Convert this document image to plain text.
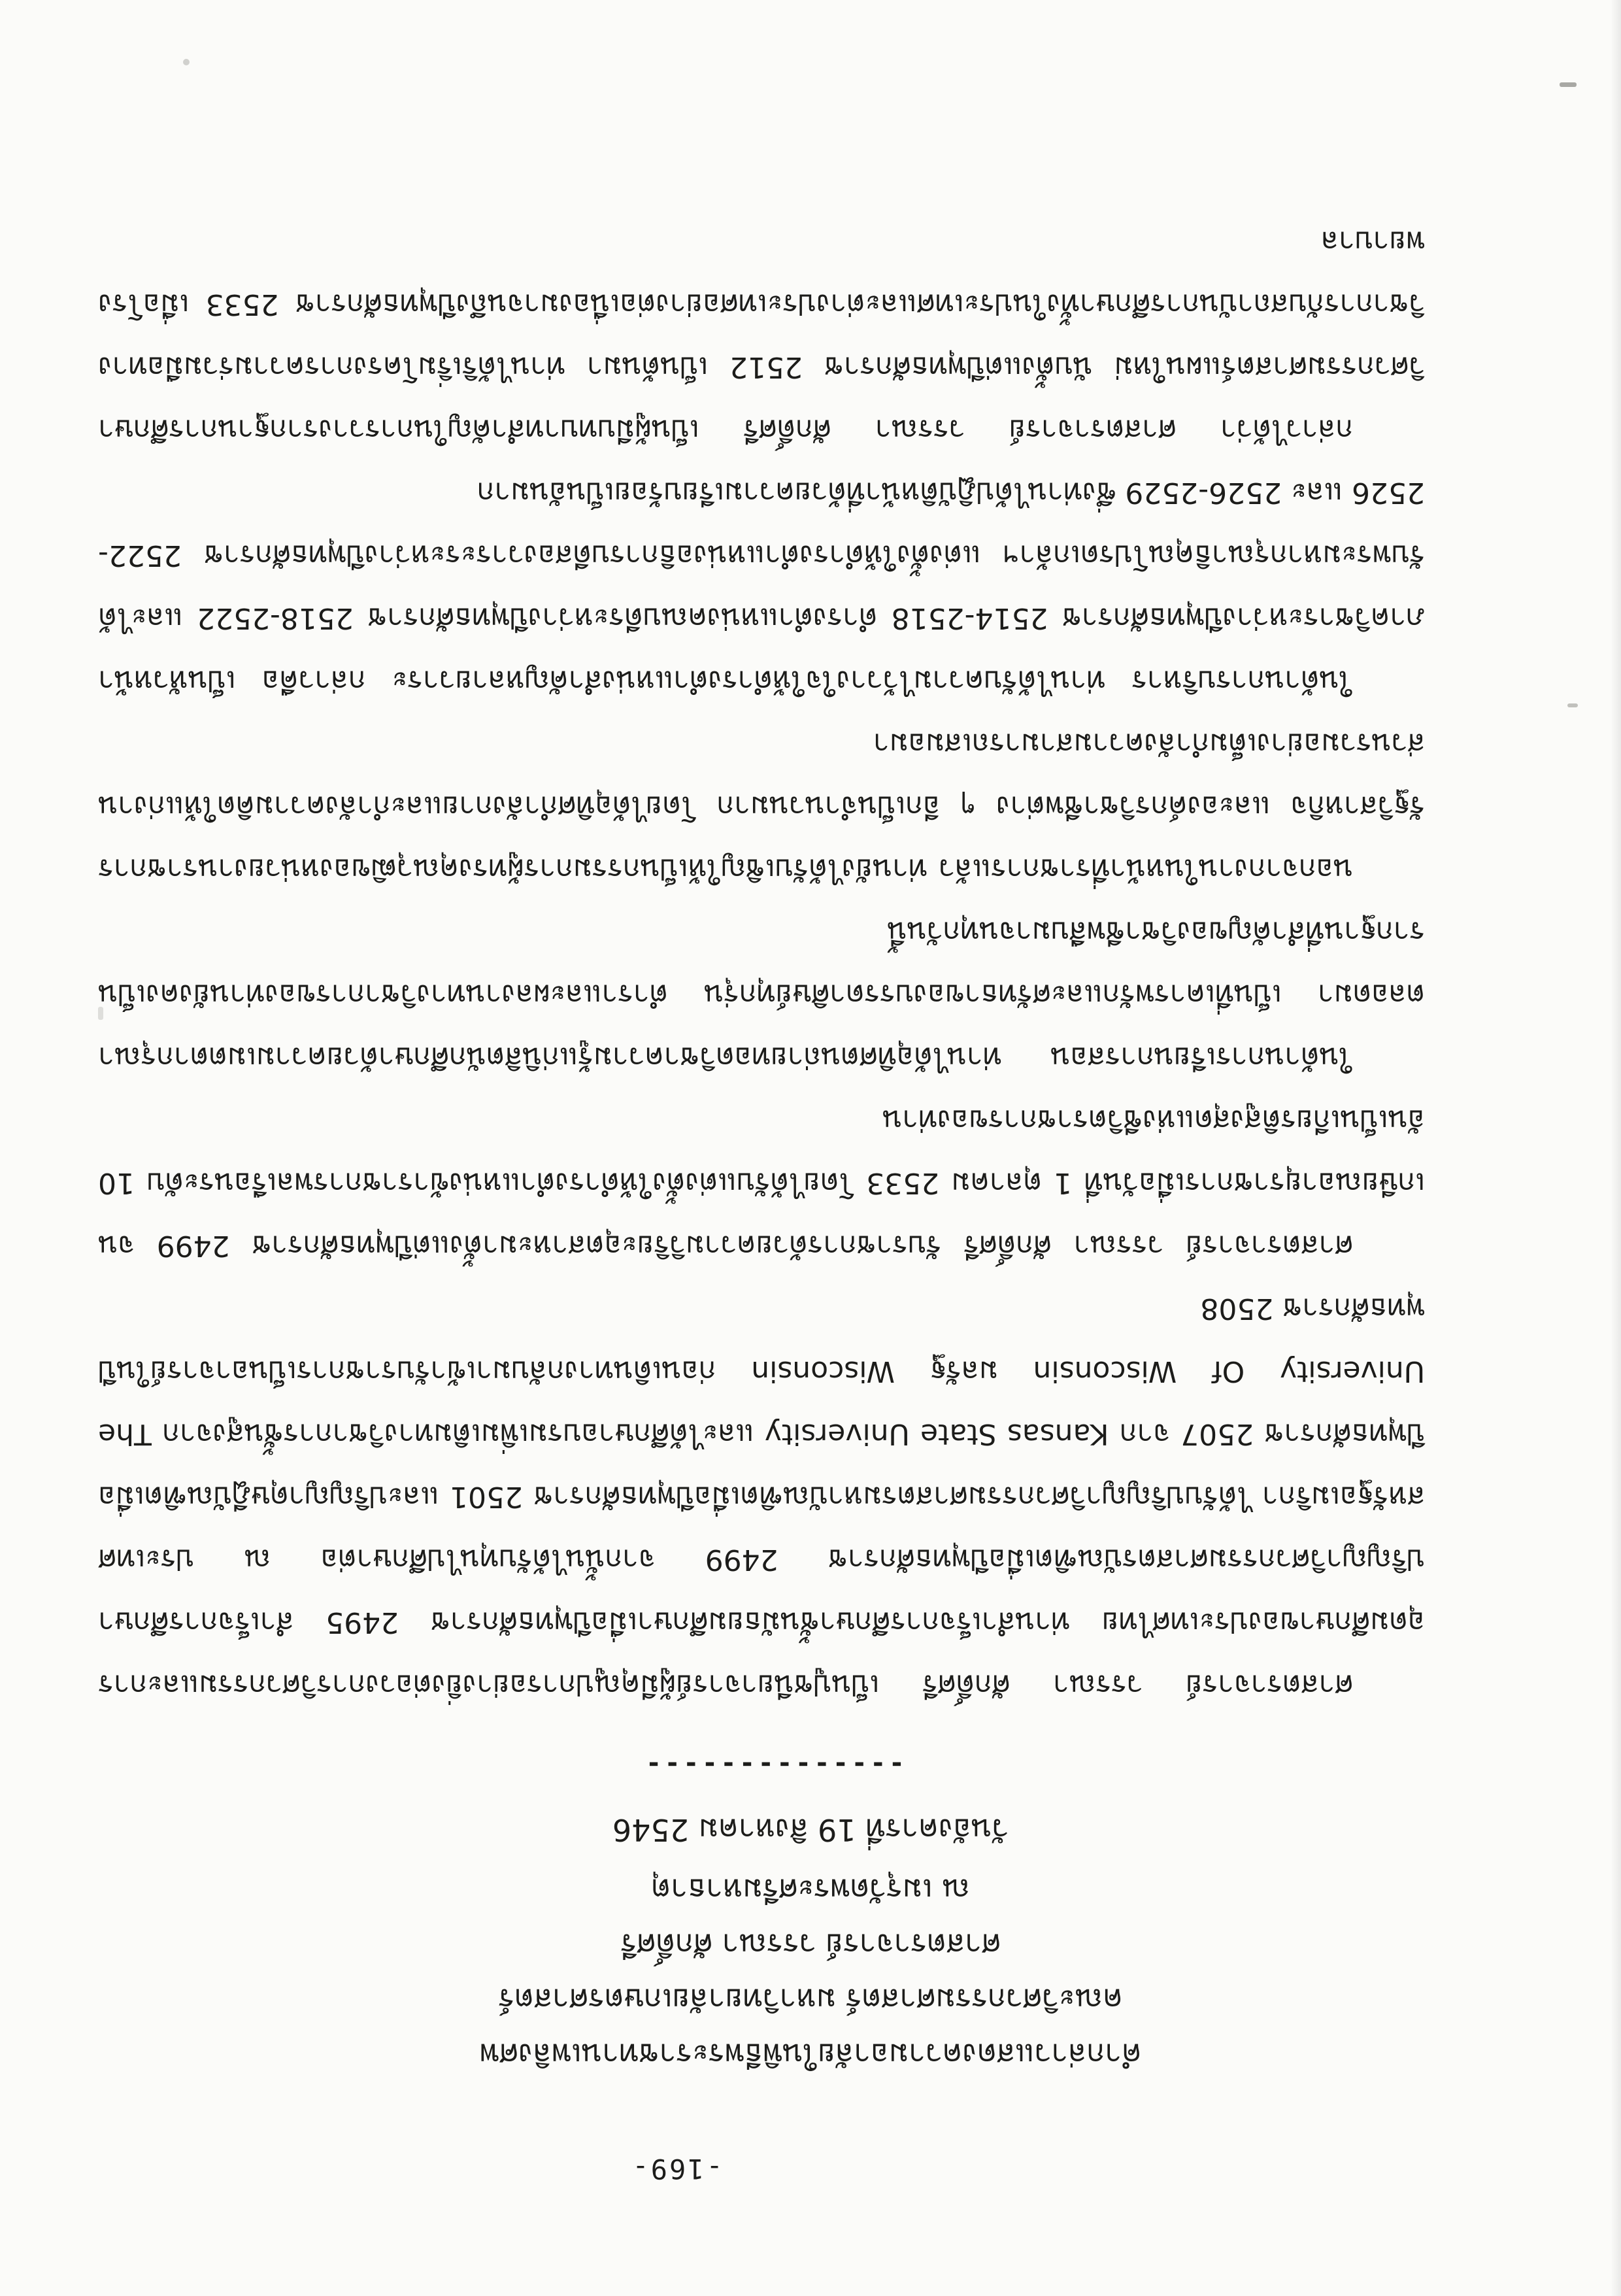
-169-
คำกล่าวแสดงความอาลัยในพิธีพระราชทานเพลิงศพ
คณะวิศวกรรมศาสตร์ มหาวิทยาลัยเกษตรศาสตร์
ศาสตราจารย์ วรรณา ศักดิ์ศรี
ณ เมรุวัดพระศรีมหาธาตุ
วันอังคารที่ 19 สิงหาคม 2546
--------------

ศาสตราจารย์ วรรณา ศักดิ์ศรี เป็นปูชนียาจารย์ผู้มีคุณูปการอย่างยิ่งต่อวงการวิศวกรรมและการอุดมศึกษาของประเทศไทย ท่านสำเร็จการศึกษาชั้นมัธยมศึกษาเมื่อปีพุทธศักราช 2495 สำเร็จการศึกษาปริญญาวิศวกรรมศาสตรบัณฑิตเมื่อปีพุทธศักราช 2499 จากนั้นได้รับทุนไปศึกษาต่อ ณ ประเทศสหรัฐอเมริกา ได้รับปริญญาวิศวกรรมศาสตรมหาบัณฑิตเมื่อปีพุทธศักราช 2501 และปริญญาดุษฎีบัณฑิตเมื่อปีพุทธศักราช 2507 จาก Kansas State University และได้ศึกษาอบรมเพิ่มเติมทางวิชาการชั้นสูงจาก The University Of Wisconsin มลรัฐ Wisconsin ก่อนเดินทางกลับมาเข้ารับราชการเป็นอาจารย์ในปีพุทธศักราช 2508

ศาสตราจารย์ วรรณา ศักดิ์ศรี รับราชการด้วยความวิริยะอุตสาหะมาตั้งแต่ปีพุทธศักราช 2499 จนเกษียณอายุราชการเมื่อวันที่ 1 ตุลาคม 2533 โดยได้รับแต่งตั้งให้ดำรงตำแหน่งข้าราชการพลเรือนระดับ 10 อันเป็นเกียรติสูงสุดแห่งชีวิตราชการของท่าน

ในด้านการเรียนการสอน ท่านได้อุทิศตนถ่ายทอดวิชาความรู้แก่นิสิตนักศึกษาด้วยความเมตตากรุณาตลอดมา เป็นที่เคารพรักและศรัทธาของบรรดาศิษย์ทุกรุ่น ตำราและผลงานทางวิชาการของท่านยังคงเป็นรากฐานที่สำคัญของวิชาชีพสืบมาจนทุกวันนี้

นอกจากงานในหน้าที่ราชการแล้ว ท่านยังได้รับเชิญให้เป็นกรรมการผู้ทรงคุณวุฒิของหน่วยงานราชการ รัฐวิสาหกิจ และองค์กรวิชาชีพต่าง ๆ อีกเป็นจำนวนมาก โดยได้อุทิศกำลังกายและกำลังความคิดให้แก่งานส่วนรวมอย่างเต็มกำลังความสามารถเสมอมา

ในด้านการบริหาร ท่านได้รับความไว้วางใจให้ดำรงตำแหน่งสำคัญหลายวาระ กล่าวคือ เป็นหัวหน้าภาควิชาระหว่างปีพุทธศักราช 2514-2518 ดำรงตำแหน่งคณบดีระหว่างปีพุทธศักราช 2518-2522 และได้รับพระมหากรุณาธิคุณโปรดเกล้าฯ แต่งตั้งให้ดำรงตำแหน่งอธิการบดีสองวาระระหว่างปีพุทธศักราช 2522-2526 และ 2526-2529 ซึ่งท่านได้ปฏิบัติหน้าที่ด้วยความเรียบร้อยเป็นอันมาก

กล่าวได้ว่า ศาสตราจารย์ วรรณา ศักดิ์ศรี เป็นผู้มีบทบาทสำคัญในการวางรากฐานการศึกษาวิศวกรรมศาสตร์แผนใหม่ นับตั้งแต่ปีพุทธศักราช 2512 เป็นต้นมา ท่านได้ริเริ่มโครงการความร่วมมือทางวิชาการกับสถาบันการศึกษาทั้งในประเทศและต่างประเทศอย่างต่อเนื่องมาจนถึงปีพุทธศักราช 2533 เมื่อโรงพยาบาล
